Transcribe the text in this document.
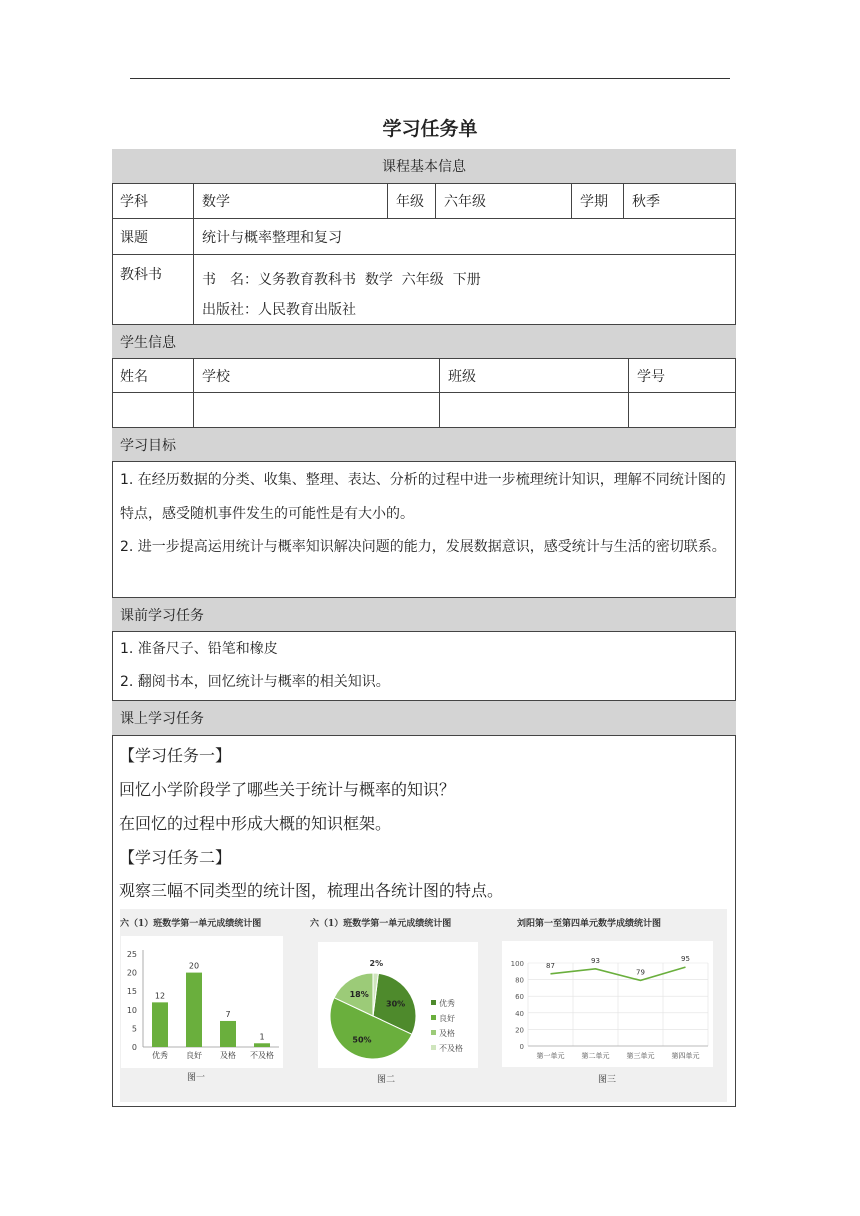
学习任务单
课程基本信息
学科	数学	年级	六年级	学期	秋季
课题	统计与概率整理和复习
教科书	书　名：义务教育教科书  数学  六年级  下册
出版社：人民教育出版社
学生信息
姓名	学校	班级	学号
学习目标
1. 在经历数据的分类、收集、整理、表达、分析的过程中进一步梳理统计知识，理解不同统计图的特点，感受随机事件发生的可能性是有大小的。
2. 进一步提高运用统计与概率知识解决问题的能力，发展数据意识，感受统计与生活的密切联系。
课前学习任务
1. 准备尺子、铅笔和橡皮
2. 翻阅书本，回忆统计与概率的相关知识。
课上学习任务
【学习任务一】
回忆小学阶段学了哪些关于统计与概率的知识？
在回忆的过程中形成大概的知识框架。
【学习任务二】
观察三幅不同类型的统计图，梳理出各统计图的特点。
六（1）班数学第一单元成绩统计图
0
5
10
15
20
25
12
优秀
20
良好
7
及格
1
不及格
图一
六（1）班数学第一单元成绩统计图
30%	优秀
50%
良好
18%
及格
2%
不及格
图二
刘阳第一至第四单元数学成绩统计图
0
20
40
60
80
100	87
第一单元
93
第二单元
79
第三单元
95
第四单元
图三
